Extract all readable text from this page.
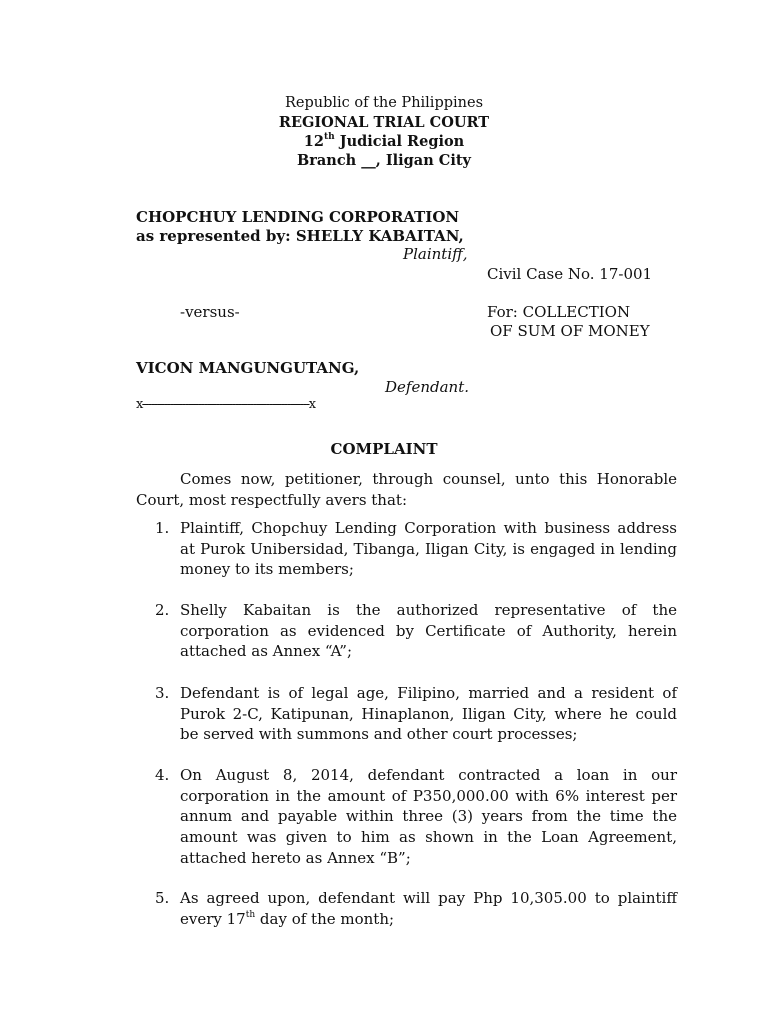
Republic of the Philippines
REGIONAL TRIAL COURT
12th Judicial Region
Branch __, Iligan City
CHOPCHUY LENDING CORPORATION
as represented by: SHELLY KABAITAN,
Plaintiff,
Civil Case No. 17-001
-versus-	For: COLLECTION
OF SUM OF MONEY
VICON MANGUNGUTANG,
Defendant.
x------------------------------------------------------x
COMPLAINT
Comes now, petitioner, through counsel, unto this Honorable Court, most respectfully avers that:
1. Plaintiff, Chopchuy Lending Corporation with business address at Purok Unibersidad, Tibanga, Iligan City, is engaged in lending money to its members;
2. Shelly Kabaitan is the authorized representative of the corporation as evidenced by Certificate of Authority, herein attached as Annex “A”;
3. Defendant is of legal age, Filipino, married and a resident of Purok 2-C, Katipunan, Hinaplanon, Iligan City, where he could be served with summons and other court processes;
4. On August 8, 2014, defendant contracted a loan in our corporation in the amount of P350,000.00 with 6% interest per annum and payable within three (3) years from the time the amount was given to him as shown in the Loan Agreement, attached hereto as Annex “B”;
5. As agreed upon, defendant will pay Php 10,305.00 to plaintiff every 17th day of the month;
